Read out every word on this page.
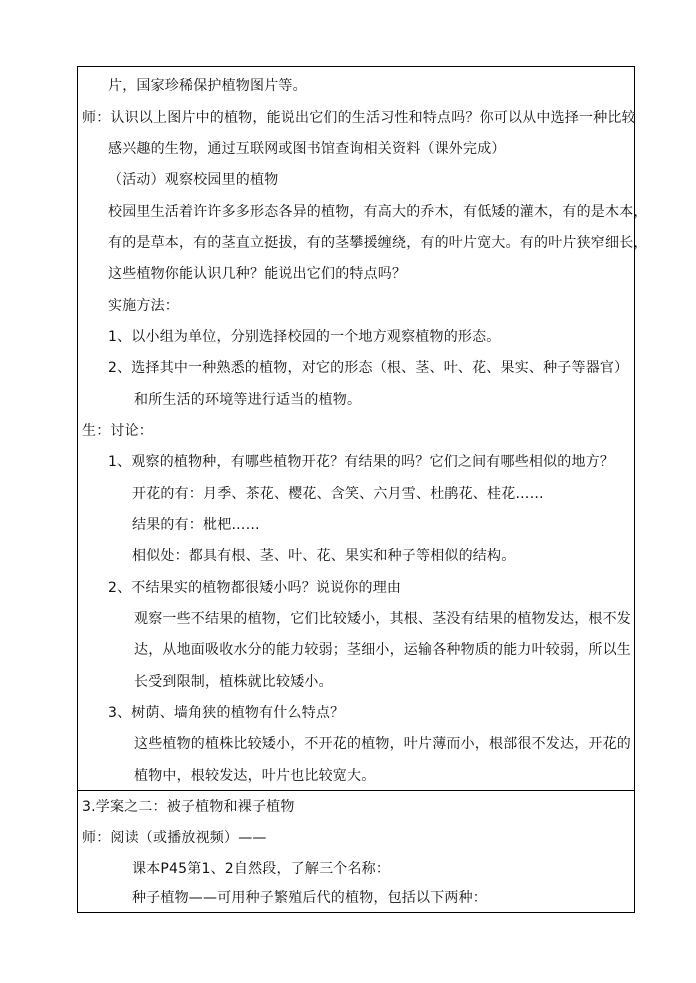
片，国家珍稀保护植物图片等。
师：认识以上图片中的植物，能说出它们的生活习性和特点吗？你可以从中选择一种比较
感兴趣的生物，通过互联网或图书馆查询相关资料（课外完成）
（活动）观察校园里的植物
校园里生活着许许多多形态各异的植物，有高大的乔木，有低矮的灌木，有的是木本，
有的是草本，有的茎直立挺拔，有的茎攀援缠绕，有的叶片宽大。有的叶片狭窄细长，
这些植物你能认识几种？能说出它们的特点吗？
实施方法：
1、以小组为单位，分别选择校园的一个地方观察植物的形态。
2、选择其中一种熟悉的植物，对它的形态（根、茎、叶、花、果实、种子等器官）
和所生活的环境等进行适当的植物。
生：讨论：
1、观察的植物种，有哪些植物开花？有结果的吗？它们之间有哪些相似的地方？
开花的有：月季、茶花、樱花、含笑、六月雪、杜鹃花、桂花……
结果的有：枇杷……
相似处：都具有根、茎、叶、花、果实和种子等相似的结构。
2、不结果实的植物都很矮小吗？说说你的理由
观察一些不结果的植物，它们比较矮小，其根、茎没有结果的植物发达，根不发
达，从地面吸收水分的能力较弱；茎细小，运输各种物质的能力叶较弱，所以生
长受到限制，植株就比较矮小。
3、树荫、墙角狭的植物有什么特点？
这些植物的植株比较矮小，不开花的植物，叶片薄而小，根部很不发达，开花的
植物中，根较发达，叶片也比较宽大。
3.学案之二：被子植物和裸子植物
师：阅读（或播放视频）——
课本P45第1、2自然段，了解三个名称：
种子植物——可用种子繁殖后代的植物，包括以下两种：
